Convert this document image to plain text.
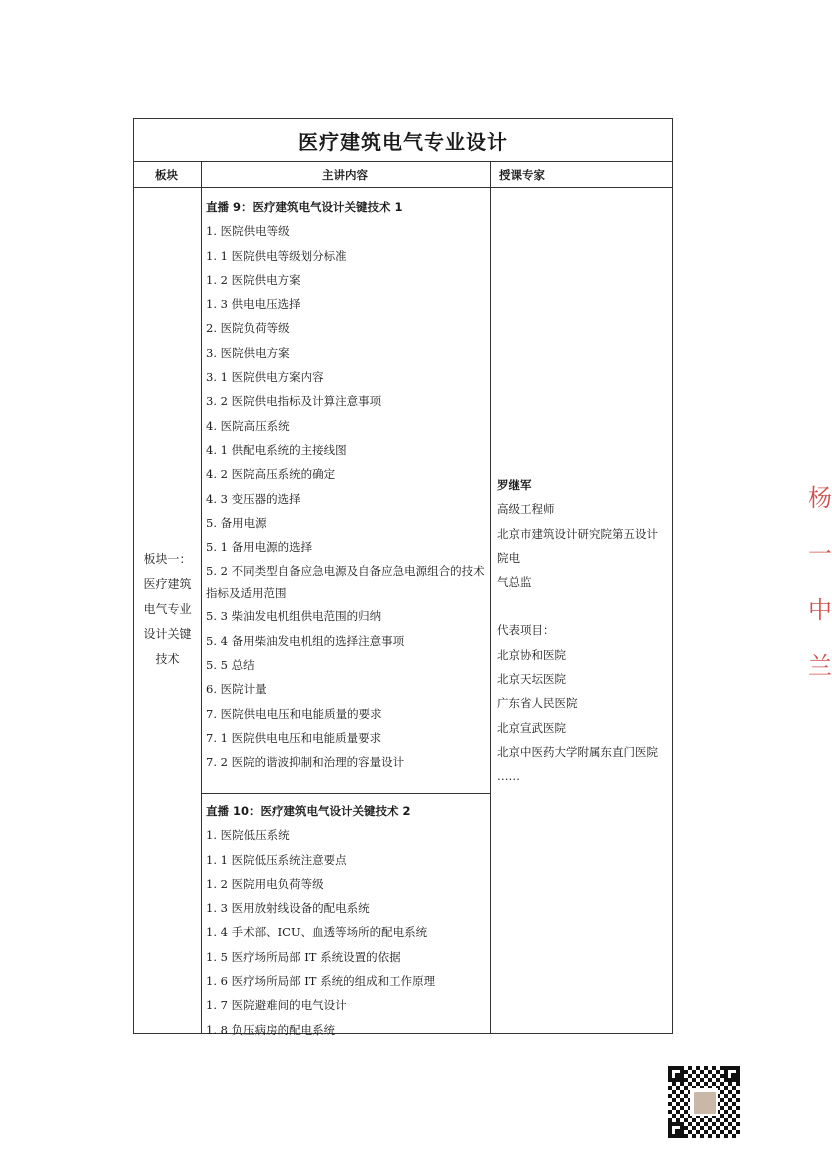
医疗建筑电气专业设计
板块	主讲内容	授课专家
板块一：
医疗建筑
电气专业
设计关键
技术
直播 9：医疗建筑电气设计关键技术 1
1. 医院供电等级
1. 1 医院供电等级划分标准
1. 2 医院供电方案
1. 3 供电电压选择
2. 医院负荷等级
3. 医院供电方案
3. 1 医院供电方案内容
3. 2 医院供电指标及计算注意事项
4. 医院高压系统
4. 1 供配电系统的主接线图
4. 2 医院高压系统的确定
4. 3 变压器的选择
5. 备用电源
5. 1 备用电源的选择
5. 2 不同类型自备应急电源及自备应急电源组合的技术指标及适用范围
5. 3 柴油发电机组供电范围的归纳
5. 4 备用柴油发电机组的选择注意事项
5. 5 总结
6. 医院计量
7. 医院供电电压和电能质量的要求
7. 1 医院供电电压和电能质量要求
7. 2 医院的谐波抑制和治理的容量设计
直播 10：医疗建筑电气设计关键技术 2
1. 医院低压系统
1. 1 医院低压系统注意要点
1. 2 医院用电负荷等级
1. 3 医用放射线设备的配电系统
1. 4 手术部、ICU、血透等场所的配电系统
1. 5 医疗场所局部 IT 系统设置的依据
1. 6 医疗场所局部 IT 系统的组成和工作原理
1. 7 医院避难间的电气设计
1. 8 负压病房的配电系统
罗继军
高级工程师
北京市建筑设计研究院第五设计院电
气总监
代表项目：
北京协和医院
北京天坛医院
广东省人民医院
北京宣武医院
北京中医药大学附属东直门医院
……
杨
一
中
兰
